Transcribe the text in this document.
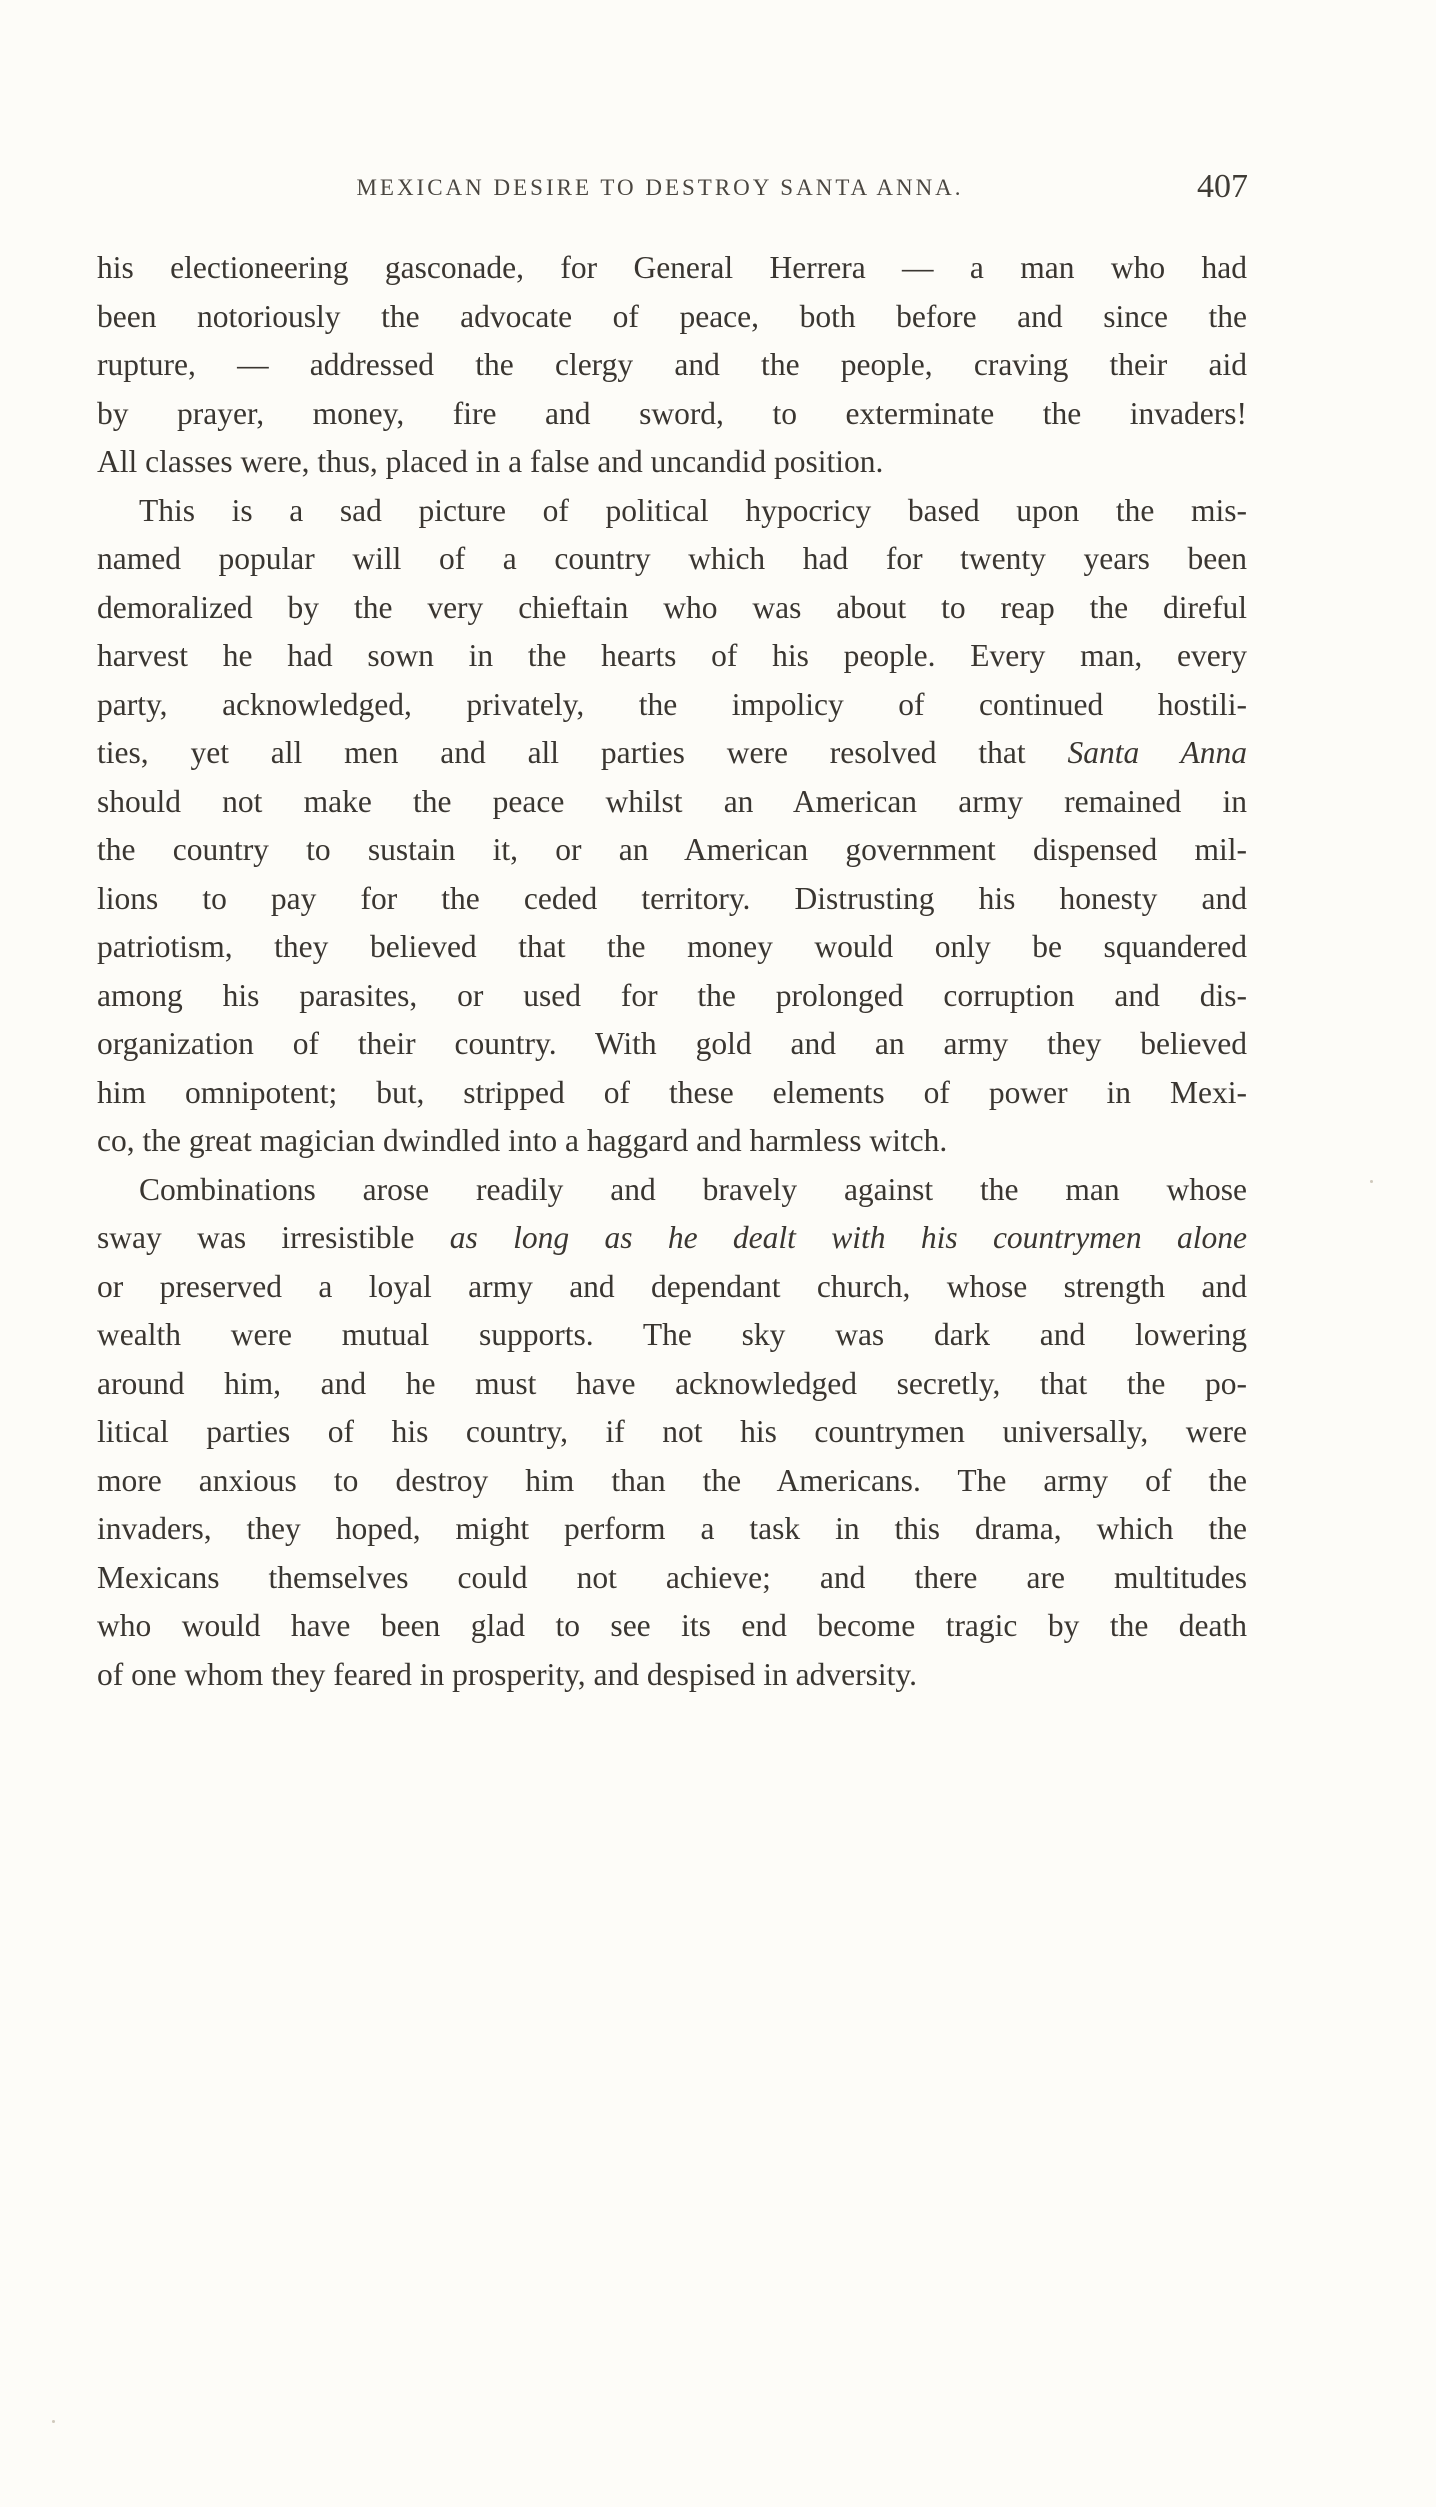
MEXICAN DESIRE TO DESTROY SANTA ANNA.	407
his electioneering gasconade, for General Herrera — a man who had
been notoriously the advocate of peace, both before and since the
rupture, — addressed the clergy and the people, craving their aid
by prayer, money, fire and sword, to exterminate the invaders!
All classes were, thus, placed in a false and uncandid position.
This is a sad picture of political hypocricy based upon the mis-
named popular will of a country which had for twenty years been
demoralized by the very chieftain who was about to reap the direful
harvest he had sown in the hearts of his people. Every man, every
party, acknowledged, privately, the impolicy of continued hostili-
ties, yet all men and all parties were resolved that Santa Anna
should not make the peace whilst an American army remained in
the country to sustain it, or an American government dispensed mil-
lions to pay for the ceded territory. Distrusting his honesty and
patriotism, they believed that the money would only be squandered
among his parasites, or used for the prolonged corruption and dis-
organization of their country. With gold and an army they believed
him omnipotent; but, stripped of these elements of power in Mexi-
co, the great magician dwindled into a haggard and harmless witch.
Combinations arose readily and bravely against the man whose
sway was irresistible as long as he dealt with his countrymen alone
or preserved a loyal army and dependant church, whose strength and
wealth were mutual supports. The sky was dark and lowering
around him, and he must have acknowledged secretly, that the po-
litical parties of his country, if not his countrymen universally, were
more anxious to destroy him than the Americans. The army of the
invaders, they hoped, might perform a task in this drama, which the
Mexicans themselves could not achieve; and there are multitudes
who would have been glad to see its end become tragic by the death
of one whom they feared in prosperity, and despised in adversity.
